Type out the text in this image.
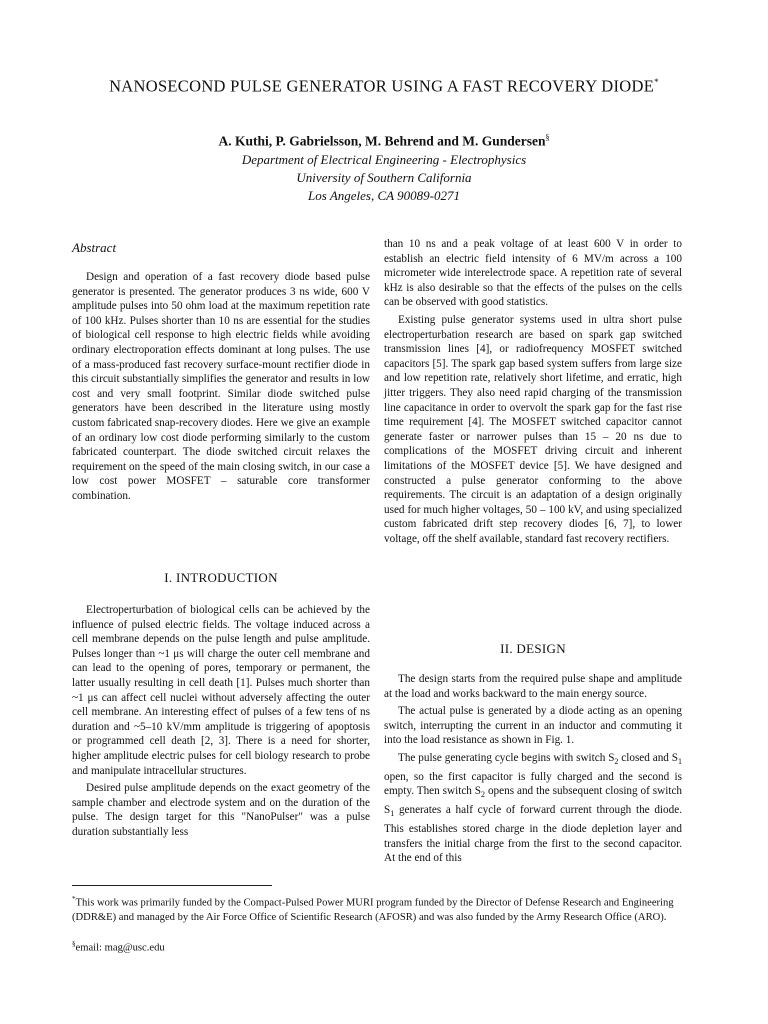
NANOSECOND PULSE GENERATOR USING A FAST RECOVERY DIODE*
A. Kuthi, P. Gabrielsson, M. Behrend and M. Gundersen§
Department of Electrical Engineering - Electrophysics
University of Southern California
Los Angeles, CA 90089-0271
Abstract

Design and operation of a fast recovery diode based pulse generator is presented. The generator produces 3 ns wide, 600 V amplitude pulses into 50 ohm load at the maximum repetition rate of 100 kHz. Pulses shorter than 10 ns are essential for the studies of biological cell response to high electric fields while avoiding ordinary electroporation effects dominant at long pulses. The use of a mass-produced fast recovery surface-mount rectifier diode in this circuit substantially simplifies the generator and results in low cost and very small footprint. Similar diode switched pulse generators have been described in the literature using mostly custom fabricated snap-recovery diodes. Here we give an example of an ordinary low cost diode performing similarly to the custom fabricated counterpart. The diode switched circuit relaxes the requirement on the speed of the main closing switch, in our case a low cost power MOSFET – saturable core transformer combination.

I. INTRODUCTION

Electroperturbation of biological cells can be achieved by the influence of pulsed electric fields. The voltage induced across a cell membrane depends on the pulse length and pulse amplitude. Pulses longer than ~1 μs will charge the outer cell membrane and can lead to the opening of pores, temporary or permanent, the latter usually resulting in cell death [1]. Pulses much shorter than ~1 μs can affect cell nuclei without adversely affecting the outer cell membrane. An interesting effect of pulses of a few tens of ns duration and ~5–10 kV/mm amplitude is triggering of apoptosis or programmed cell death [2, 3]. There is a need for shorter, higher amplitude electric pulses for cell biology research to probe and manipulate intracellular structures.

Desired pulse amplitude depends on the exact geometry of the sample chamber and electrode system and on the duration of the pulse. The design target for this "NanoPulser" was a pulse duration substantially less

than 10 ns and a peak voltage of at least 600 V in order to establish an electric field intensity of 6 MV/m across a 100 micrometer wide interelectrode space. A repetition rate of several kHz is also desirable so that the effects of the pulses on the cells can be observed with good statistics.

Existing pulse generator systems used in ultra short pulse electroperturbation research are based on spark gap switched transmission lines [4], or radiofrequency MOSFET switched capacitors [5]. The spark gap based system suffers from large size and low repetition rate, relatively short lifetime, and erratic, high jitter triggers. They also need rapid charging of the transmission line capacitance in order to overvolt the spark gap for the fast rise time requirement [4]. The MOSFET switched capacitor cannot generate faster or narrower pulses than 15 – 20 ns due to complications of the MOSFET driving circuit and inherent limitations of the MOSFET device [5]. We have designed and constructed a pulse generator conforming to the above requirements. The circuit is an adaptation of a design originally used for much higher voltages, 50 – 100 kV, and using specialized custom fabricated drift step recovery diodes [6, 7], to lower voltage, off the shelf available, standard fast recovery rectifiers.

II. DESIGN

The design starts from the required pulse shape and amplitude at the load and works backward to the main energy source.

The actual pulse is generated by a diode acting as an opening switch, interrupting the current in an inductor and commuting it into the load resistance as shown in Fig. 1.

The pulse generating cycle begins with switch $S_2$ closed and $S_1$ open, so the first capacitor is fully charged and the second is empty. Then switch $S_2$ opens and the subsequent closing of switch $S_1$ generates a half cycle of forward current through the diode. This establishes stored charge in the diode depletion layer and transfers the initial charge from the first to the second capacitor. At the end of this

*This work was primarily funded by the Compact-Pulsed Power MURI program funded by the Director of Defense Research and Engineering (DDR&E) and managed by the Air Force Office of Scientific Research (AFOSR) and was also funded by the Army Research Office (ARO).
§email: mag@usc.edu
